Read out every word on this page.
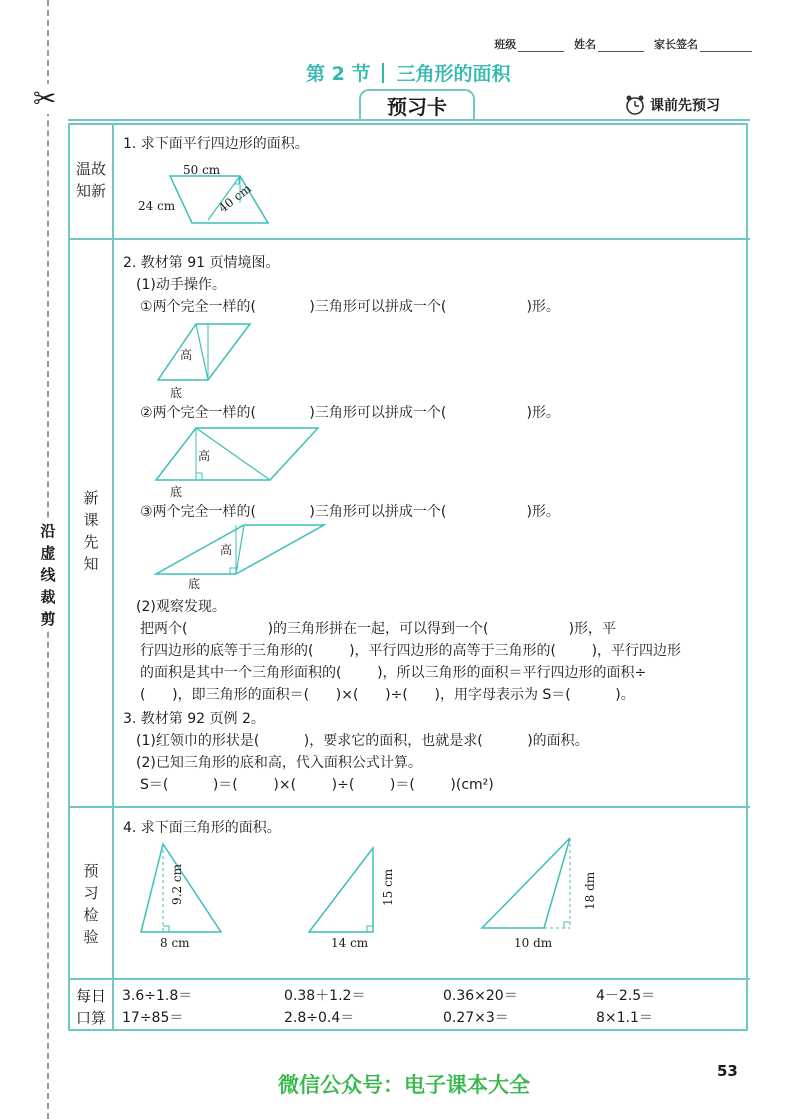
✂
沿
虚
线
裁
剪
班级	姓名	家长签名
第 2 节 三角形的面积
预习卡	课前先预习
温故
知新
新
课
先
知
预
习
检
验
每日
口算
1. 求下面平行四边形的面积。
50 cm
24 cm	40 cm
2. 教材第 91 页情境图。
(1)动手操作。
①两个完全一样的(            )三角形可以拼成一个(                  )形。
高
底
②两个完全一样的(            )三角形可以拼成一个(                  )形。
高
底
③两个完全一样的(            )三角形可以拼成一个(                  )形。
高
底
(2)观察发现。
把两个(                  )的三角形拼在一起，可以得到一个(                  )形，平
行四边形的底等于三角形的(        )，平行四边形的高等于三角形的(        )，平行四边形
的面积是其中一个三角形面积的(        )，所以三角形的面积＝平行四边形的面积÷
(      )，即三角形的面积＝(      )×(      )÷(      )，用字母表示为 S＝(          )。
3. 教材第 92 页例 2。
(1)红领巾的形状是(          )，要求它的面积，也就是求(          )的面积。
(2)已知三角形的底和高，代入面积公式计算。
S＝(          )＝(        )×(        )÷(        )＝(        )(cm²)
4. 求下面三角形的面积。
9.2 cm
8 cm
15 cm
14 cm
18 dm
10 dm
3.6÷1.8＝	0.38＋1.2＝	0.36×20＝	4－2.5＝
17÷85＝	2.8÷0.4＝	0.27×3＝	8×1.1＝
53
微信公众号：电子课本大全
